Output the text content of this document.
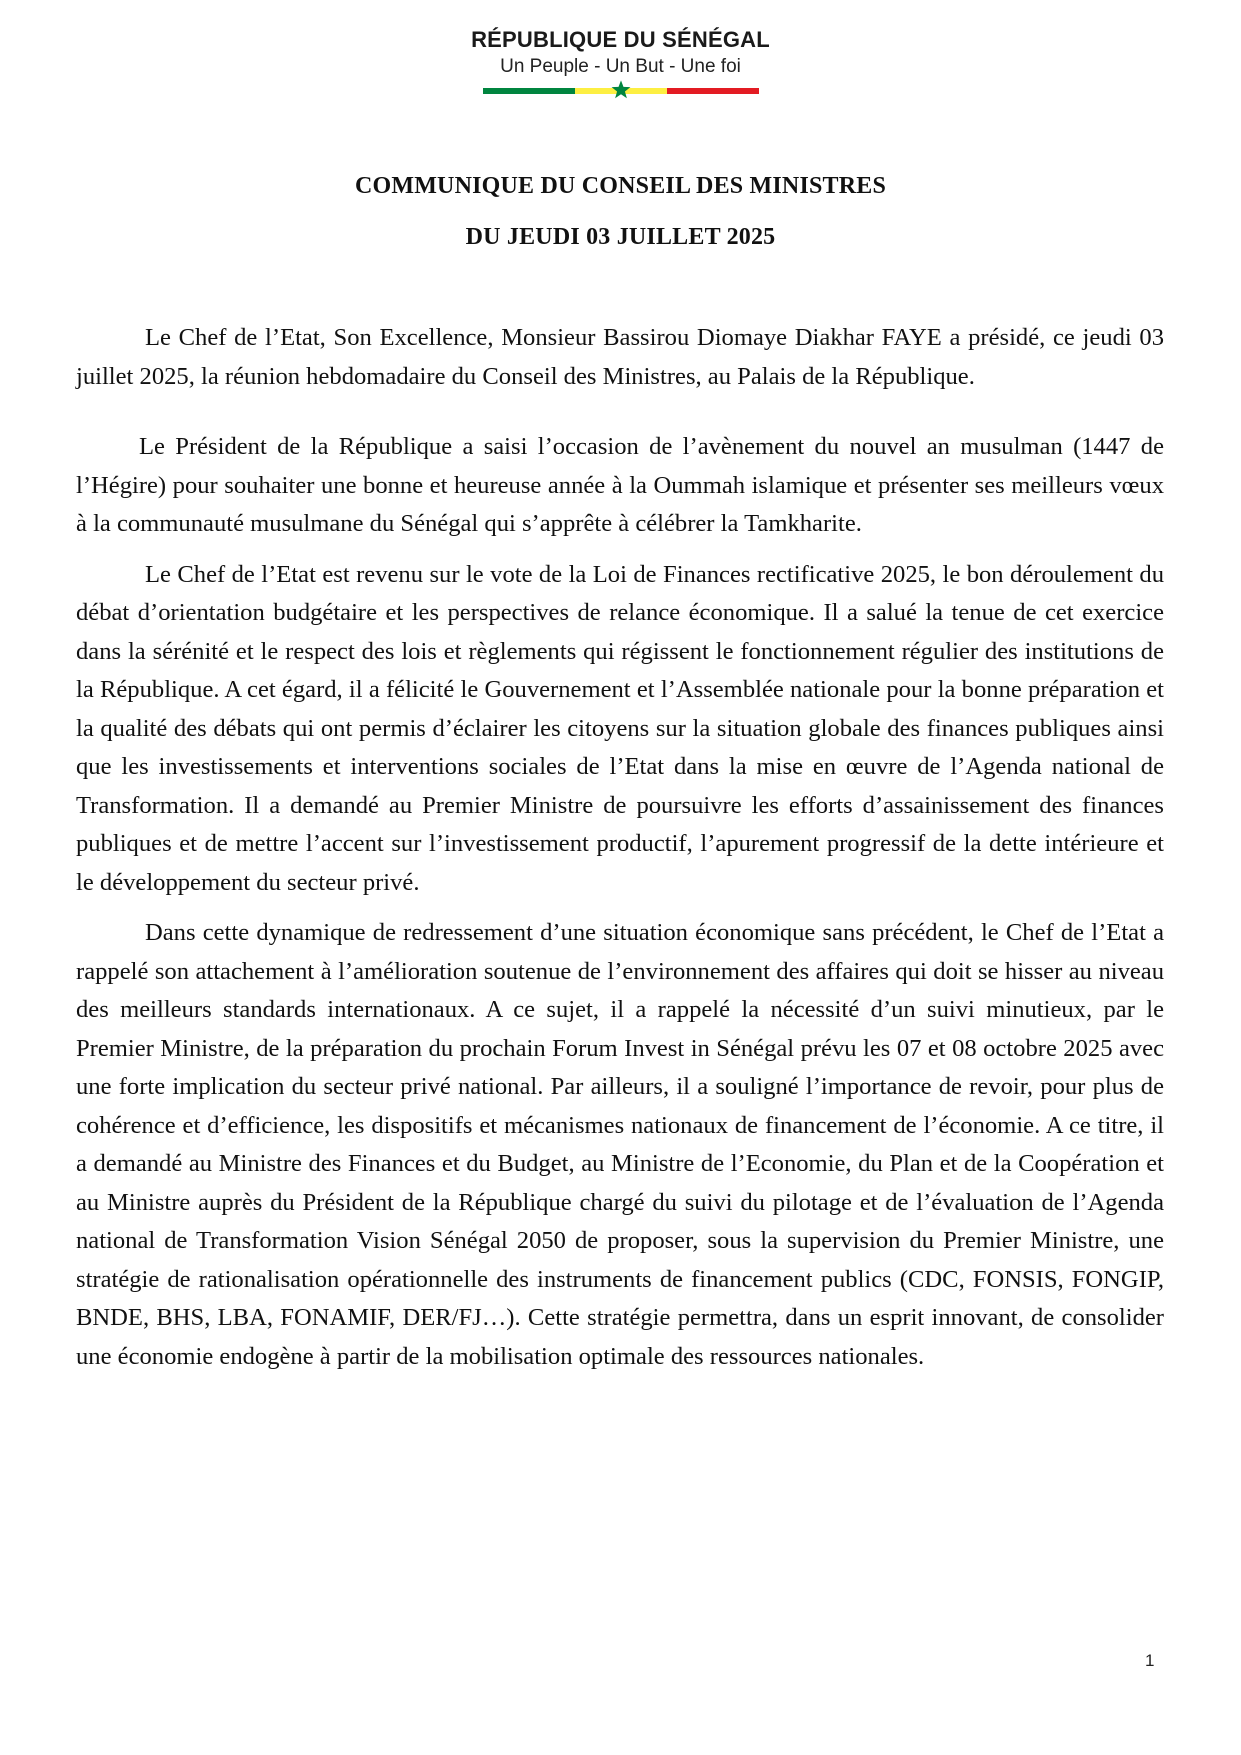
RÉPUBLIQUE DU SÉNÉGAL
Un Peuple - Un But - Une foi
COMMUNIQUE DU CONSEIL DES MINISTRES
DU JEUDI 03 JUILLET 2025

Le Chef de l’Etat, Son Excellence, Monsieur Bassirou Diomaye Diakhar FAYE a présidé, ce jeudi 03 juillet 2025, la réunion hebdomadaire du Conseil des Ministres, au Palais de la République.

Le Président de la République a saisi l’occasion de l’avènement du nouvel an musulman (1447 de l’Hégire) pour souhaiter une bonne et heureuse année à la Oummah islamique et présenter ses meilleurs vœux à la communauté musulmane du Sénégal qui s’apprête à célébrer la Tamkharite.

Le Chef de l’Etat est revenu sur le vote de la Loi de Finances rectificative 2025, le bon déroulement du débat d’orientation budgétaire et les perspectives de relance économique. Il a salué la tenue de cet exercice dans la sérénité et le respect des lois et règlements qui régissent le fonctionnement régulier des institutions de la République. A cet égard, il a félicité le Gouvernement et l’Assemblée nationale pour la bonne préparation et la qualité des débats qui ont permis d’éclairer les citoyens sur la situation globale des finances publiques ainsi que les investissements et interventions sociales de l’Etat dans la mise en œuvre de l’Agenda national de Transformation. Il a demandé au Premier Ministre de poursuivre les efforts d’assainissement des finances publiques et de mettre l’accent sur l’investissement productif, l’apurement progressif de la dette intérieure et le développement du secteur privé.

Dans cette dynamique de redressement d’une situation économique sans précédent, le Chef de l’Etat a rappelé son attachement à l’amélioration soutenue de l’environnement des affaires qui doit se hisser au niveau des meilleurs standards internationaux. A ce sujet, il a rappelé la nécessité d’un suivi minutieux, par le Premier Ministre, de la préparation du prochain Forum Invest in Sénégal prévu les 07 et 08 octobre 2025 avec une forte implication du secteur privé national. Par ailleurs, il a souligné l’importance de revoir, pour plus de cohérence et d’efficience, les dispositifs et mécanismes nationaux de financement de l’économie. A ce titre, il a demandé au Ministre des Finances et du Budget, au Ministre de l’Economie, du Plan et de la Coopération et au Ministre auprès du Président de la République chargé du suivi du pilotage et de l’évaluation de l’Agenda national de Transformation Vision Sénégal 2050 de proposer, sous la supervision du Premier Ministre, une stratégie de rationalisation opérationnelle des instruments de financement publics (CDC, FONSIS, FONGIP, BNDE, BHS, LBA, FONAMIF, DER/FJ…). Cette stratégie permettra, dans un esprit innovant, de consolider une économie endogène à partir de la mobilisation optimale des ressources nationales.

1
